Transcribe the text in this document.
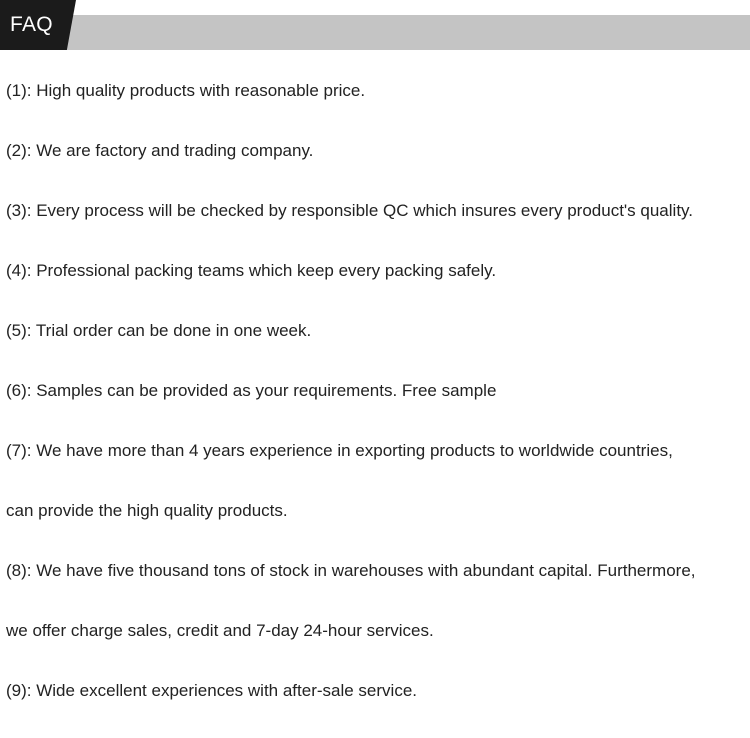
FAQ
(1): High quality products with reasonable price.
(2): We are factory and trading company.
(3): Every process will be checked by responsible QC which insures every product's quality.
(4): Professional packing teams which keep every packing safely.
(5): Trial order can be done in one week.
(6): Samples can be provided as your requirements. Free sample
(7): We have more than 4 years experience in exporting products to worldwide countries,
can provide the high quality products.
(8): We have five thousand tons of stock in warehouses with abundant capital. Furthermore,
we offer charge sales, credit and 7-day 24-hour services.
(9): Wide excellent experiences with after-sale service.
